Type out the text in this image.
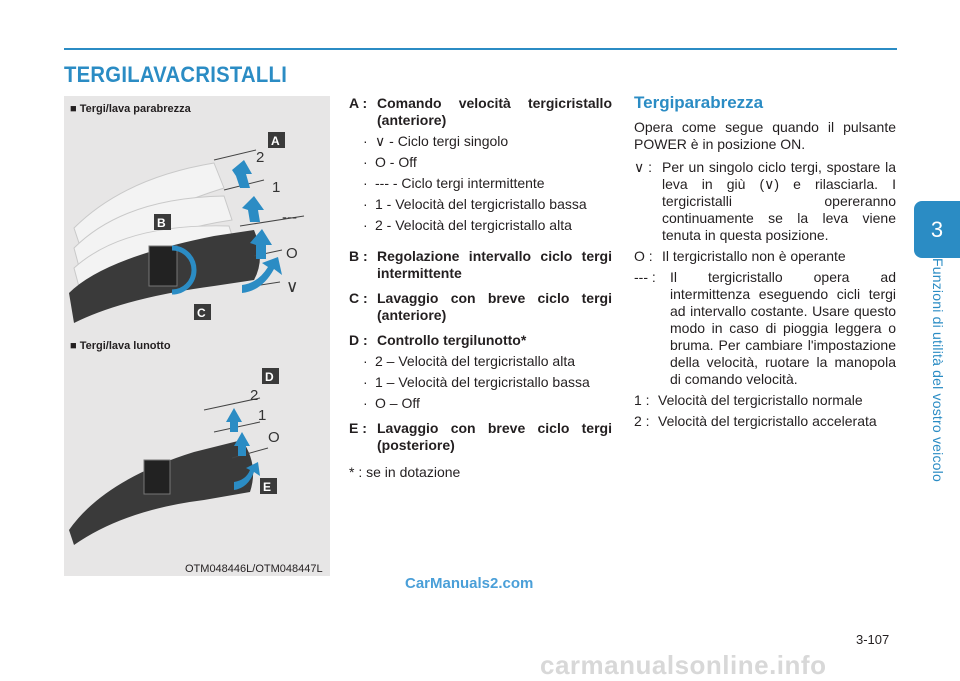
TERGILAVACRISTALLI
3
Funzioni di utilità del vostro veicolo
■ Tergi/lava parabrezza
■ Tergi/lava lunotto
2
1
---
O
∨
A
B
C
2
1
O
D
E
OTM048446L/OTM048447L
A : Comando velocità tergicristallo (anteriore)
· ∨ - Ciclo tergi singolo
· O - Off
· --- - Ciclo tergi intermittente
· 1 - Velocità del tergicristallo bassa
· 2 - Velocità del tergicristallo alta
B : Regolazione intervallo ciclo tergi intermittente
C : Lavaggio con breve ciclo tergi (anteriore)
D : Controllo tergilunotto*
· 2 – Velocità del tergicristallo alta
· 1 – Velocità del tergicristallo bassa
· O – Off
E : Lavaggio con breve ciclo tergi (posteriore)
* : se in dotazione
Tergiparabrezza
Opera come segue quando il pulsante POWER è in posizione ON.
∨ : Per un singolo ciclo tergi, spostare la leva in giù (∨) e rilasciarla. I tergicristalli opereranno continuamente se la leva viene tenuta in questa posizione.
O : Il tergicristallo non è operante
--- :	Il tergicristallo opera ad intermittenza eseguendo cicli tergi ad intervallo costante. Usare questo modo in caso di pioggia leggera o bruma. Per cambiare l'impostazione della velocità, ruotare la manopola di comando velocità.
1 : Velocità del tergicristallo normale
2 : Velocità del tergicristallo accelerata
3-107
CarManuals2.com
carmanualsonline.info
